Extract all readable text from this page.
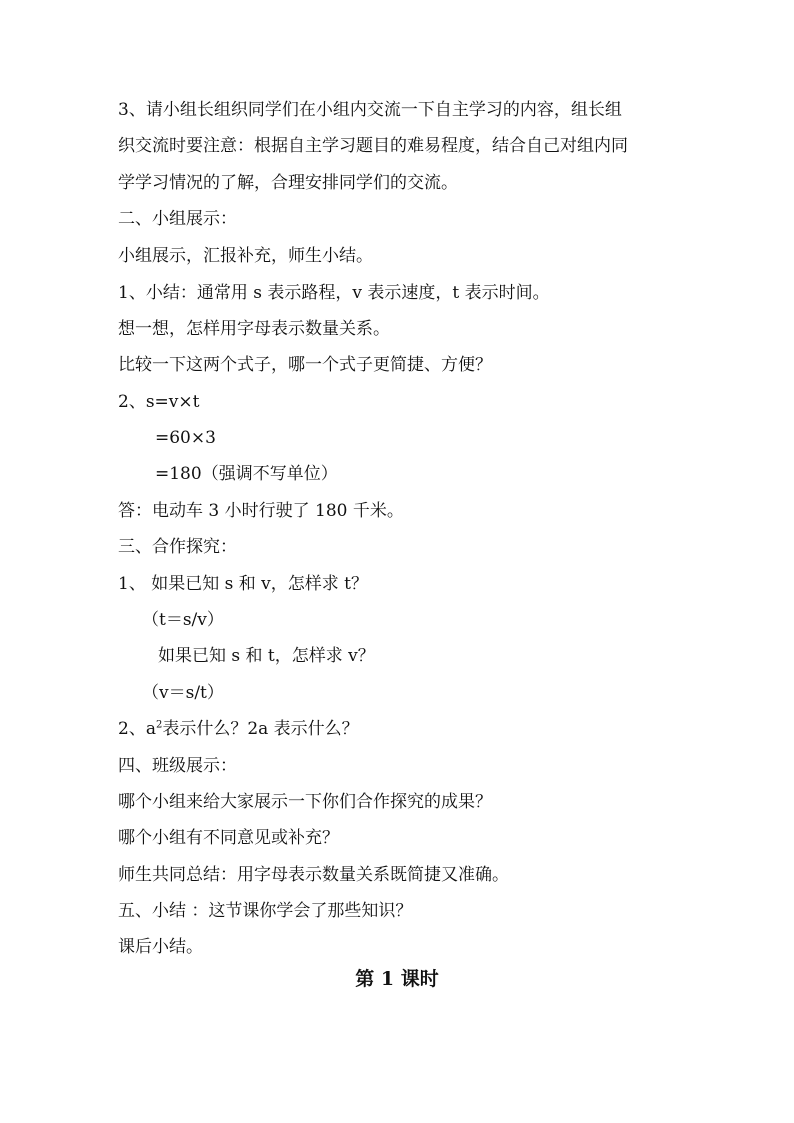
3、请小组长组织同学们在小组内交流一下自主学习的内容，组长组
织交流时要注意：根据自主学习题目的难易程度，结合自己对组内同
学学习情况的了解，合理安排同学们的交流。
二、小组展示：
小组展示，汇报补充，师生小结。
1、小结：通常用 s 表示路程，v 表示速度，t 表示时间。
想一想，怎样用字母表示数量关系。
比较一下这两个式子，哪一个式子更简捷、方便？
2、s=v×t
=60×3
=180（强调不写单位）
答：电动车 3 小时行驶了 180 千米。
三、合作探究：
1、 如果已知 s 和 v，怎样求 t？
（t＝s/v）
如果已知 s 和 t，怎样求 v？
（v＝s/t）
2、$a^2$表示什么？2a 表示什么？
四、班级展示：
哪个小组来给大家展示一下你们合作探究的成果？
哪个小组有不同意见或补充？
师生共同总结：用字母表示数量关系既简捷又准确。
五、小结 ：这节课你学会了那些知识？
课后小结。
第 1 课时
